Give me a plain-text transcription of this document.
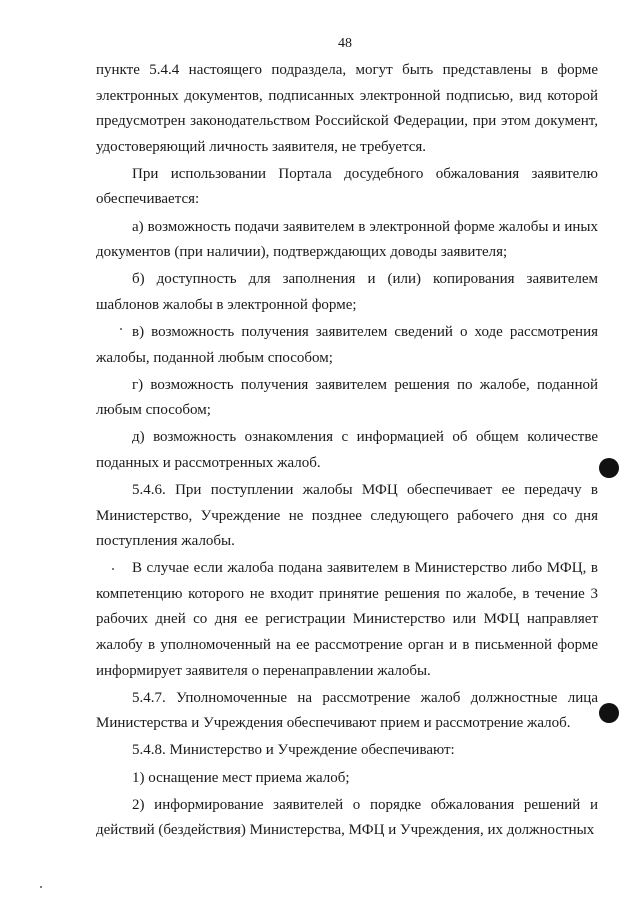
48

пункте 5.4.4 настоящего подраздела, могут быть представлены в форме электронных документов, подписанных электронной подписью, вид которой предусмотрен законодательством Российской Федерации, при этом документ, удостоверяющий личность заявителя, не требуется.

При использовании Портала досудебного обжалования заявителю обеспечивается:

а) возможность подачи заявителем в электронной форме жалобы и иных документов (при наличии), подтверждающих доводы заявителя;

б) доступность для заполнения и (или) копирования заявителем шаблонов жалобы в электронной форме;

в) возможность получения заявителем сведений о ходе рассмотрения жалобы, поданной любым способом;

г) возможность получения заявителем решения по жалобе, поданной любым способом;

д) возможность ознакомления с информацией об общем количестве поданных и рассмотренных жалоб.

5.4.6. При поступлении жалобы МФЦ обеспечивает ее передачу в Министерство, Учреждение не позднее следующего рабочего дня со дня поступления жалобы.

В случае если жалоба подана заявителем в Министерство либо МФЦ, в компетенцию которого не входит принятие решения по жалобе, в течение 3 рабочих дней со дня ее регистрации Министерство или МФЦ направляет жалобу в уполномоченный на ее рассмотрение орган и в письменной форме информирует заявителя о перенаправлении жалобы.

5.4.7. Уполномоченные на рассмотрение жалоб должностные лица Министерства и Учреждения обеспечивают прием и рассмотрение жалоб.

5.4.8. Министерство и Учреждение обеспечивают:

1) оснащение мест приема жалоб;

2) информирование заявителей о порядке обжалования решений и действий (бездействия) Министерства, МФЦ и Учреждения, их должностных
